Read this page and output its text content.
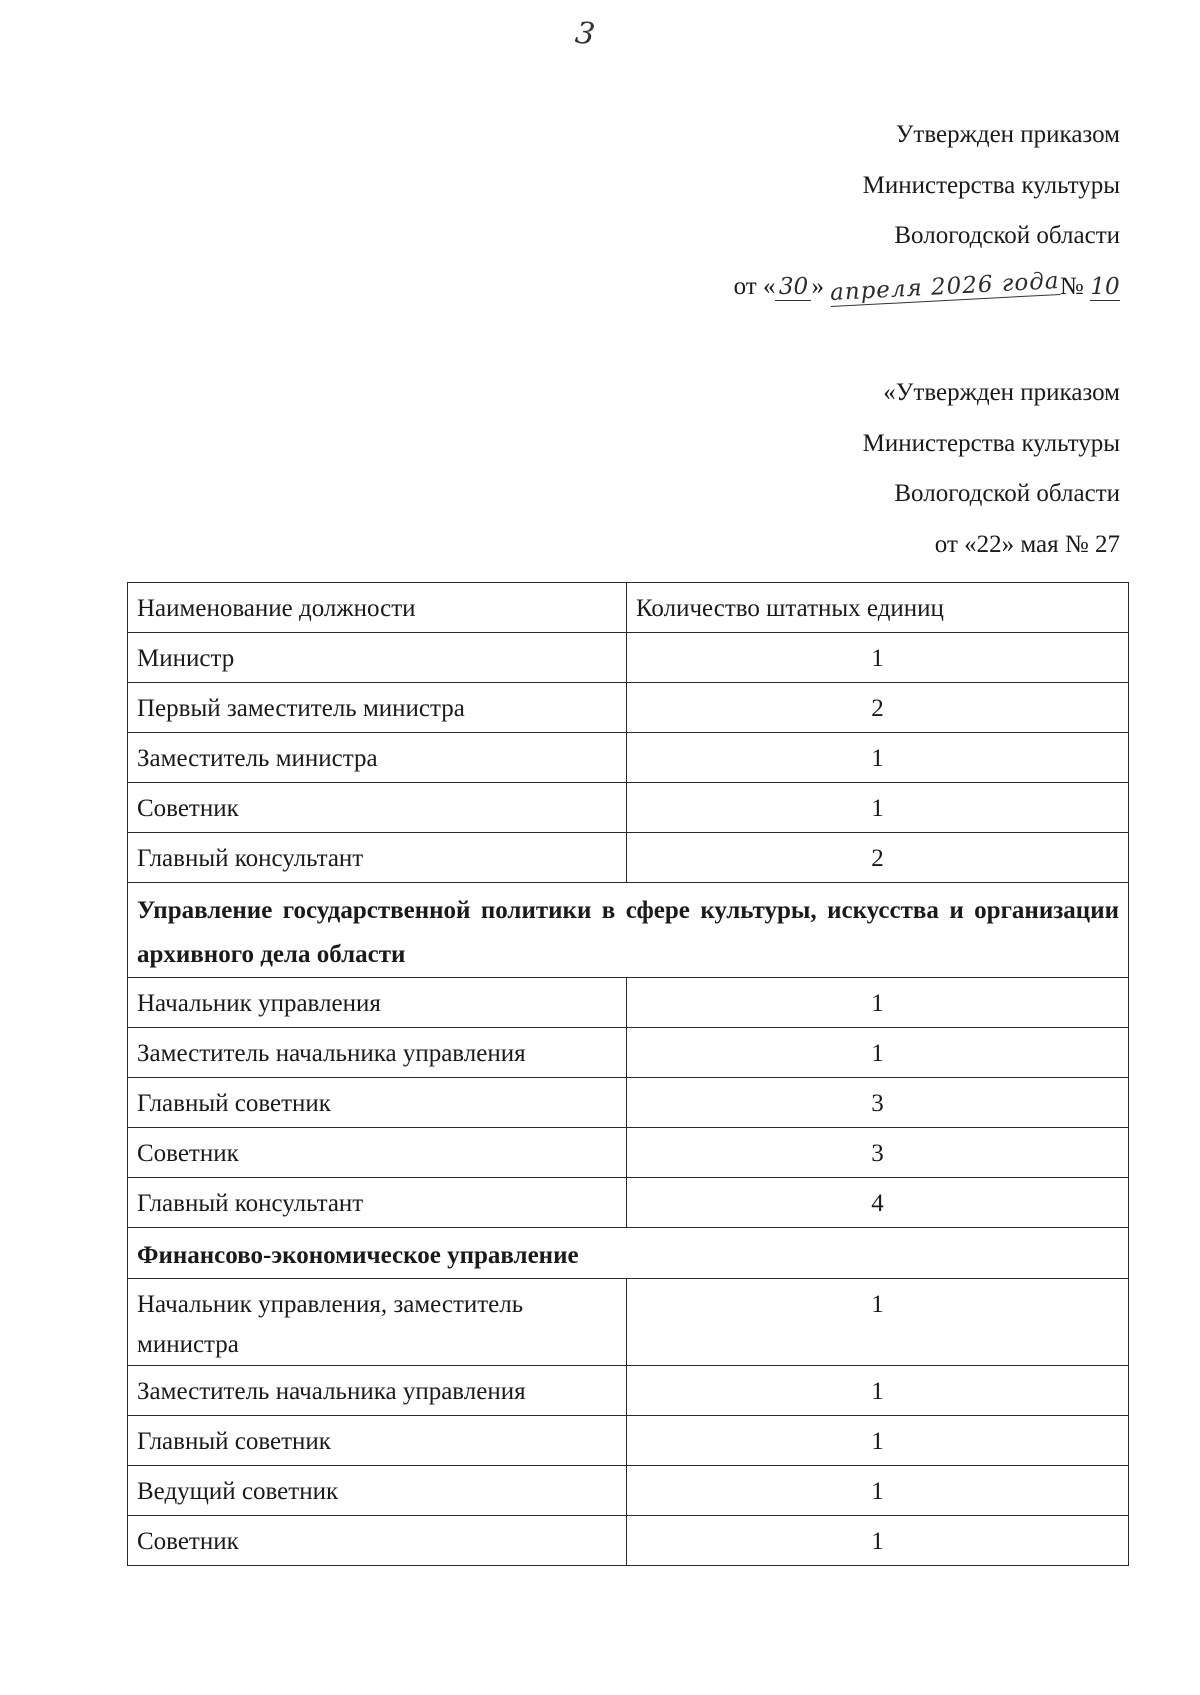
3
Утвержден приказом
Министерства культуры
Вологодской области
от « 30 » апреля 2026 года№ 10
«Утвержден приказом
Министерства культуры
Вологодской области
от «22» мая № 27
Наименование должности	Количество штатных единиц
Министр	1
Первый заместитель министра	2
Заместитель министра	1
Советник	1
Главный консультант	2
Управление государственной политики в сфере культуры, искусства и организации архивного дела области	
Начальник управления	1
Заместитель начальника управления	1
Главный советник	3
Советник	3
Главный консультант	4
Финансово-экономическое управление	
Начальник управления, заместитель министра	1
Заместитель начальника управления	1
Главный советник	1
Ведущий советник	1
Советник	1
